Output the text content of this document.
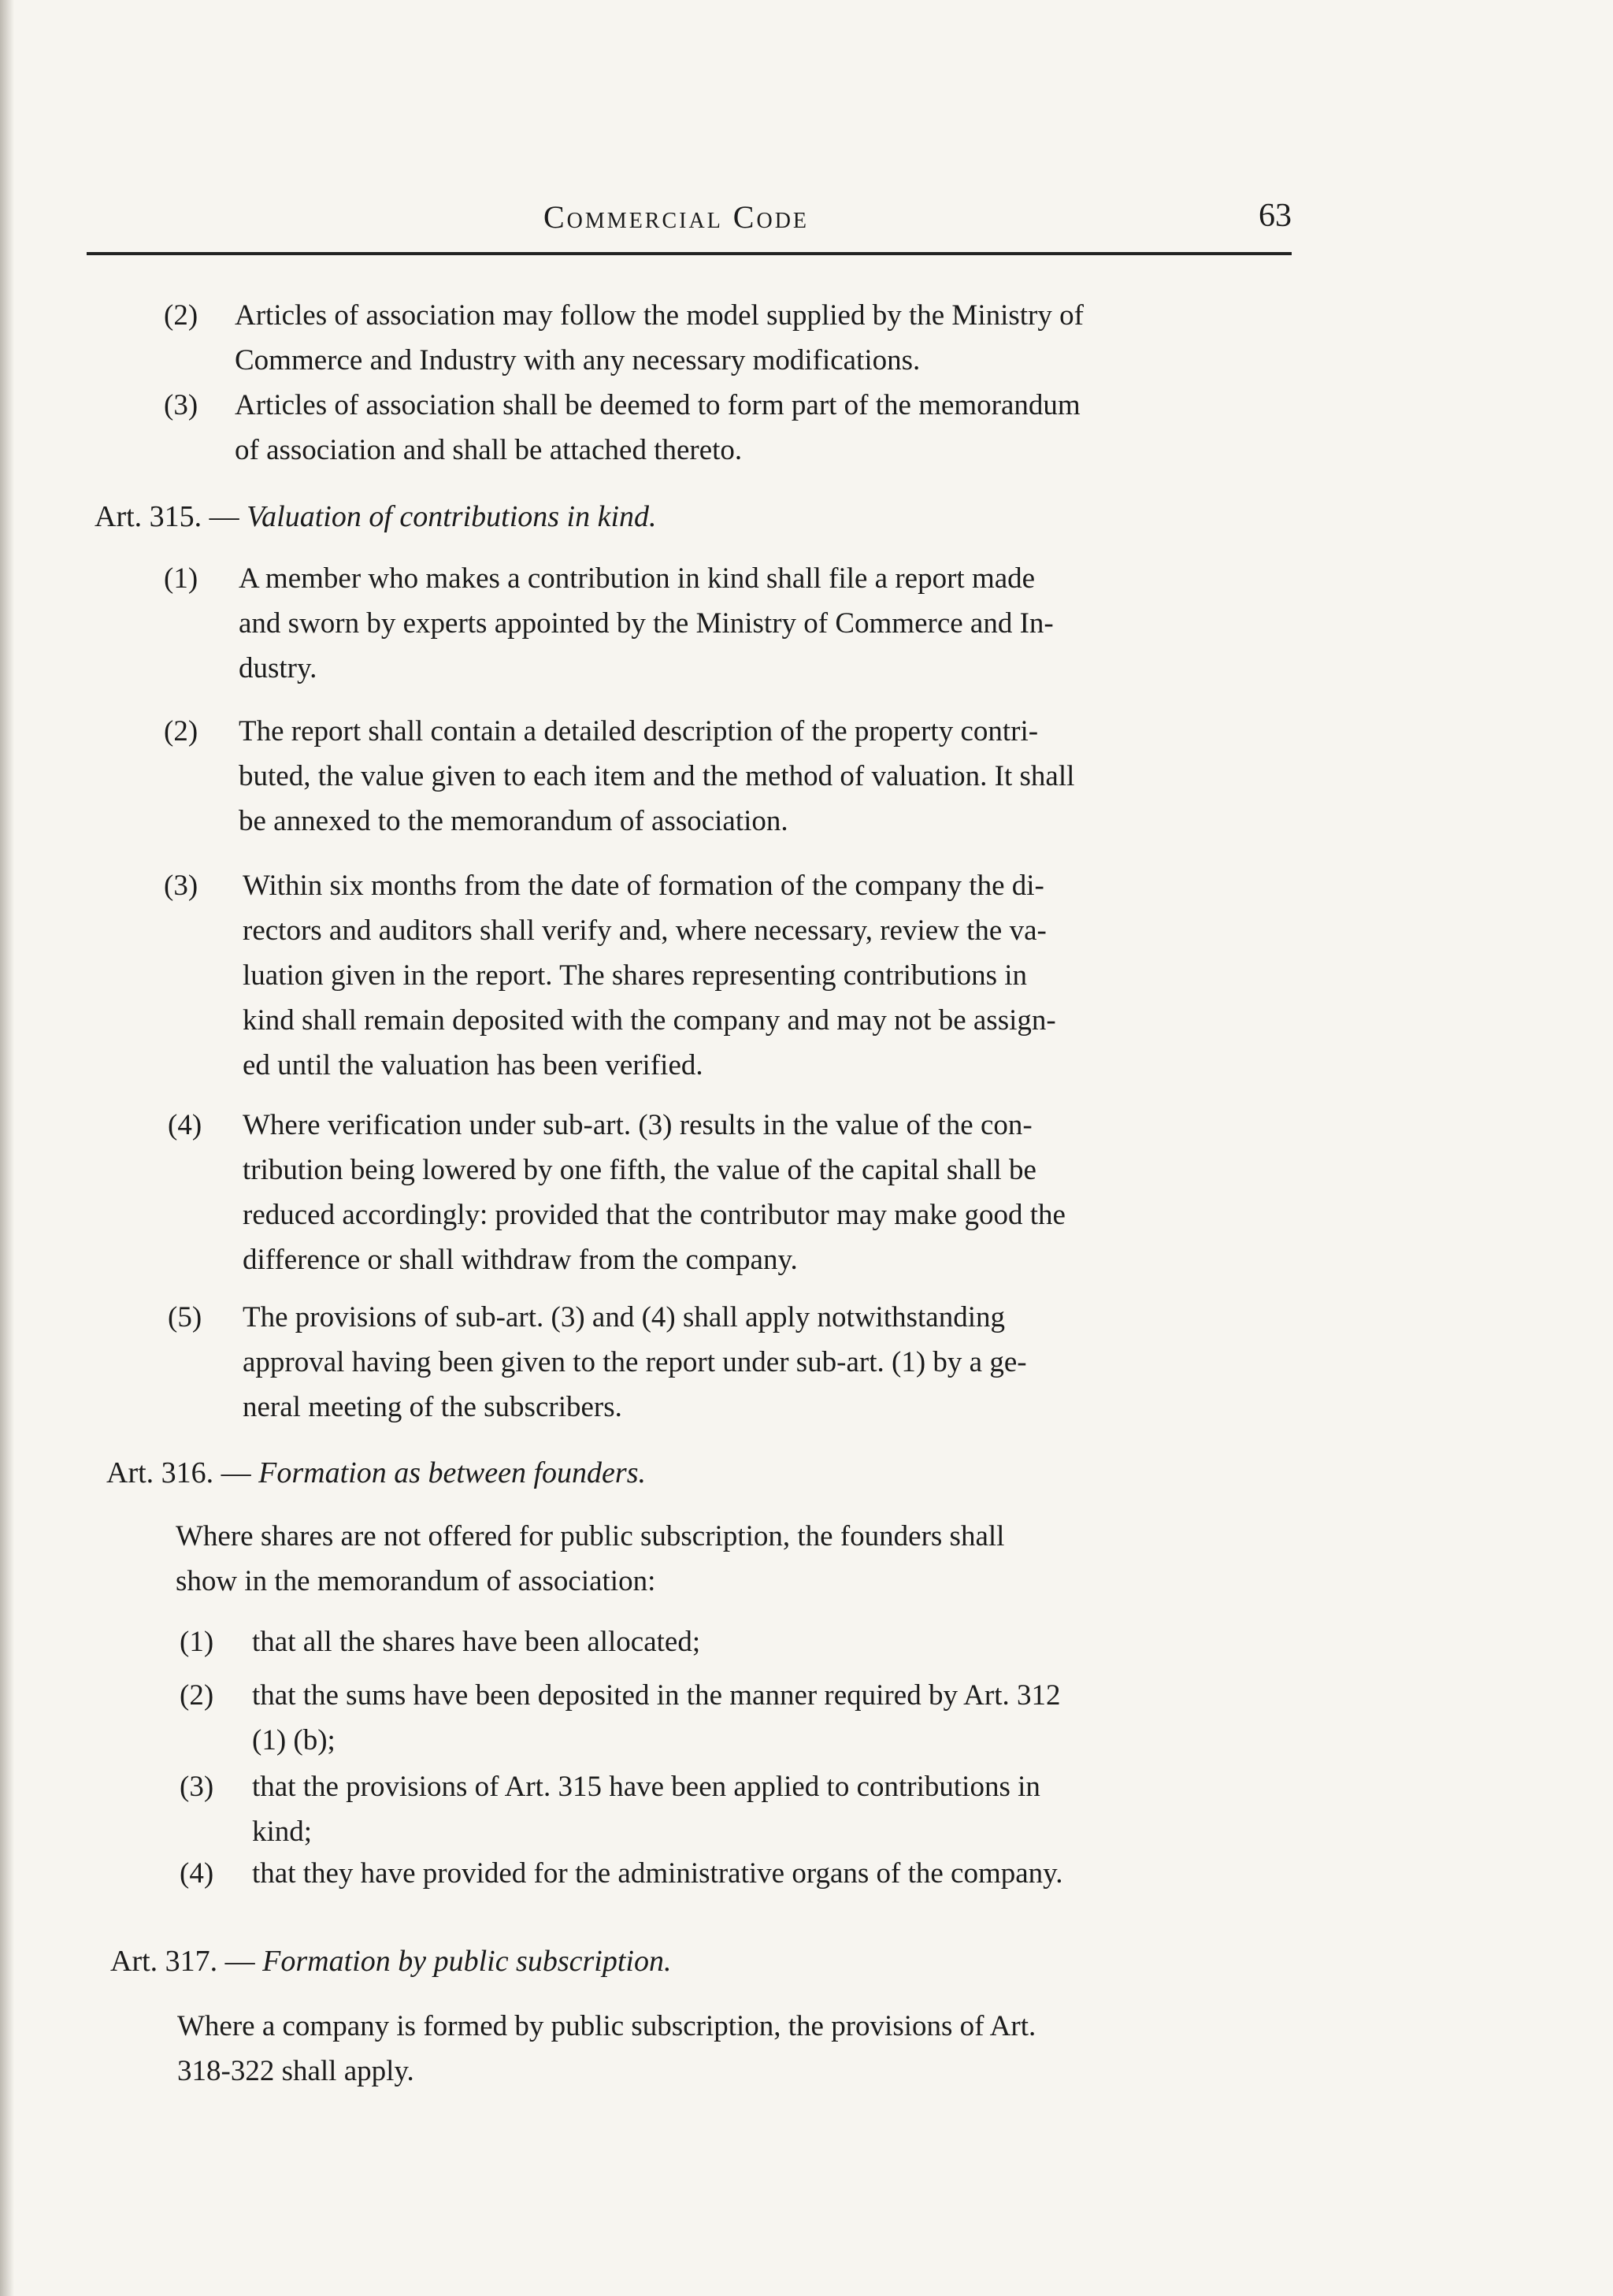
Commercial Code	63
(2) Articles of association may follow the model supplied by the Ministry of
Commerce and Industry with any necessary modifications.
(3) Articles of association shall be deemed to form part of the memorandum
of association and shall be attached thereto.
Art. 315. — Valuation of contributions in kind.
(1) A member who makes a contribution in kind shall file a report made
and sworn by experts appointed by the Ministry of Commerce and In-
dustry.
(2) The report shall contain a detailed description of the property contri-
buted, the value given to each item and the method of valuation. It shall
be annexed to the memorandum of association.
(3) Within six months from the date of formation of the company the di-
rectors and auditors shall verify and, where necessary, review the va-
luation given in the report. The shares representing contributions in
kind shall remain deposited with the company and may not be assign-
ed until the valuation has been verified.
(4) Where verification under sub-art. (3) results in the value of the con-
tribution being lowered by one fifth, the value of the capital shall be
reduced accordingly: provided that the contributor may make good the
difference or shall withdraw from the company.
(5) The provisions of sub-art. (3) and (4) shall apply notwithstanding
approval having been given to the report under sub-art. (1) by a ge-
neral meeting of the subscribers.
Art. 316. — Formation as between founders.
Where shares are not offered for public subscription, the founders shall
show in the memorandum of association:
(1) that all the shares have been allocated;
(2) that the sums have been deposited in the manner required by Art. 312
(1) (b);
(3) that the provisions of Art. 315 have been applied to contributions in
kind;
(4) that they have provided for the administrative organs of the company.
Art. 317. — Formation by public subscription.
Where a company is formed by public subscription, the provisions of Art.
318-322 shall apply.
